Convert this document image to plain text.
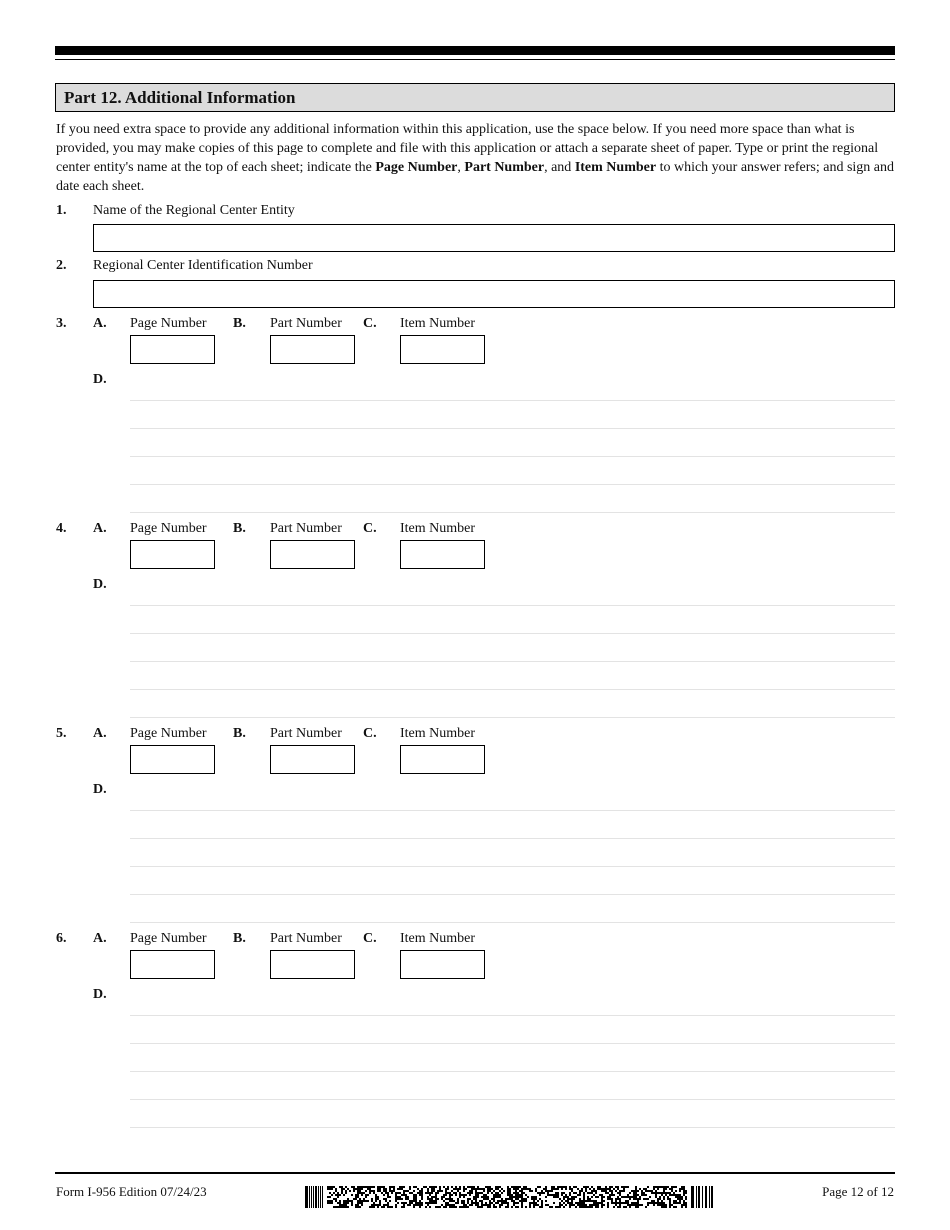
Part 12. Additional Information
If you need extra space to provide any additional information within this application, use the space below. If you need more space than what is provided, you may make copies of this page to complete and file with this application or attach a separate sheet of paper. Type or print the regional center entity's name at the top of each sheet; indicate the Page Number, Part Number, and Item Number to which your answer refers; and sign and date each sheet.
1. Name of the Regional Center Entity
2. Regional Center Identification Number
3. A. Page Number B. Part Number C. Item Number
D.
4. A. Page Number B. Part Number C. Item Number
D.
5. A. Page Number B. Part Number C. Item Number
D.
6. A. Page Number B. Part Number C. Item Number
D.
Form I-956 Edition 07/24/23	Page 12 of 12
